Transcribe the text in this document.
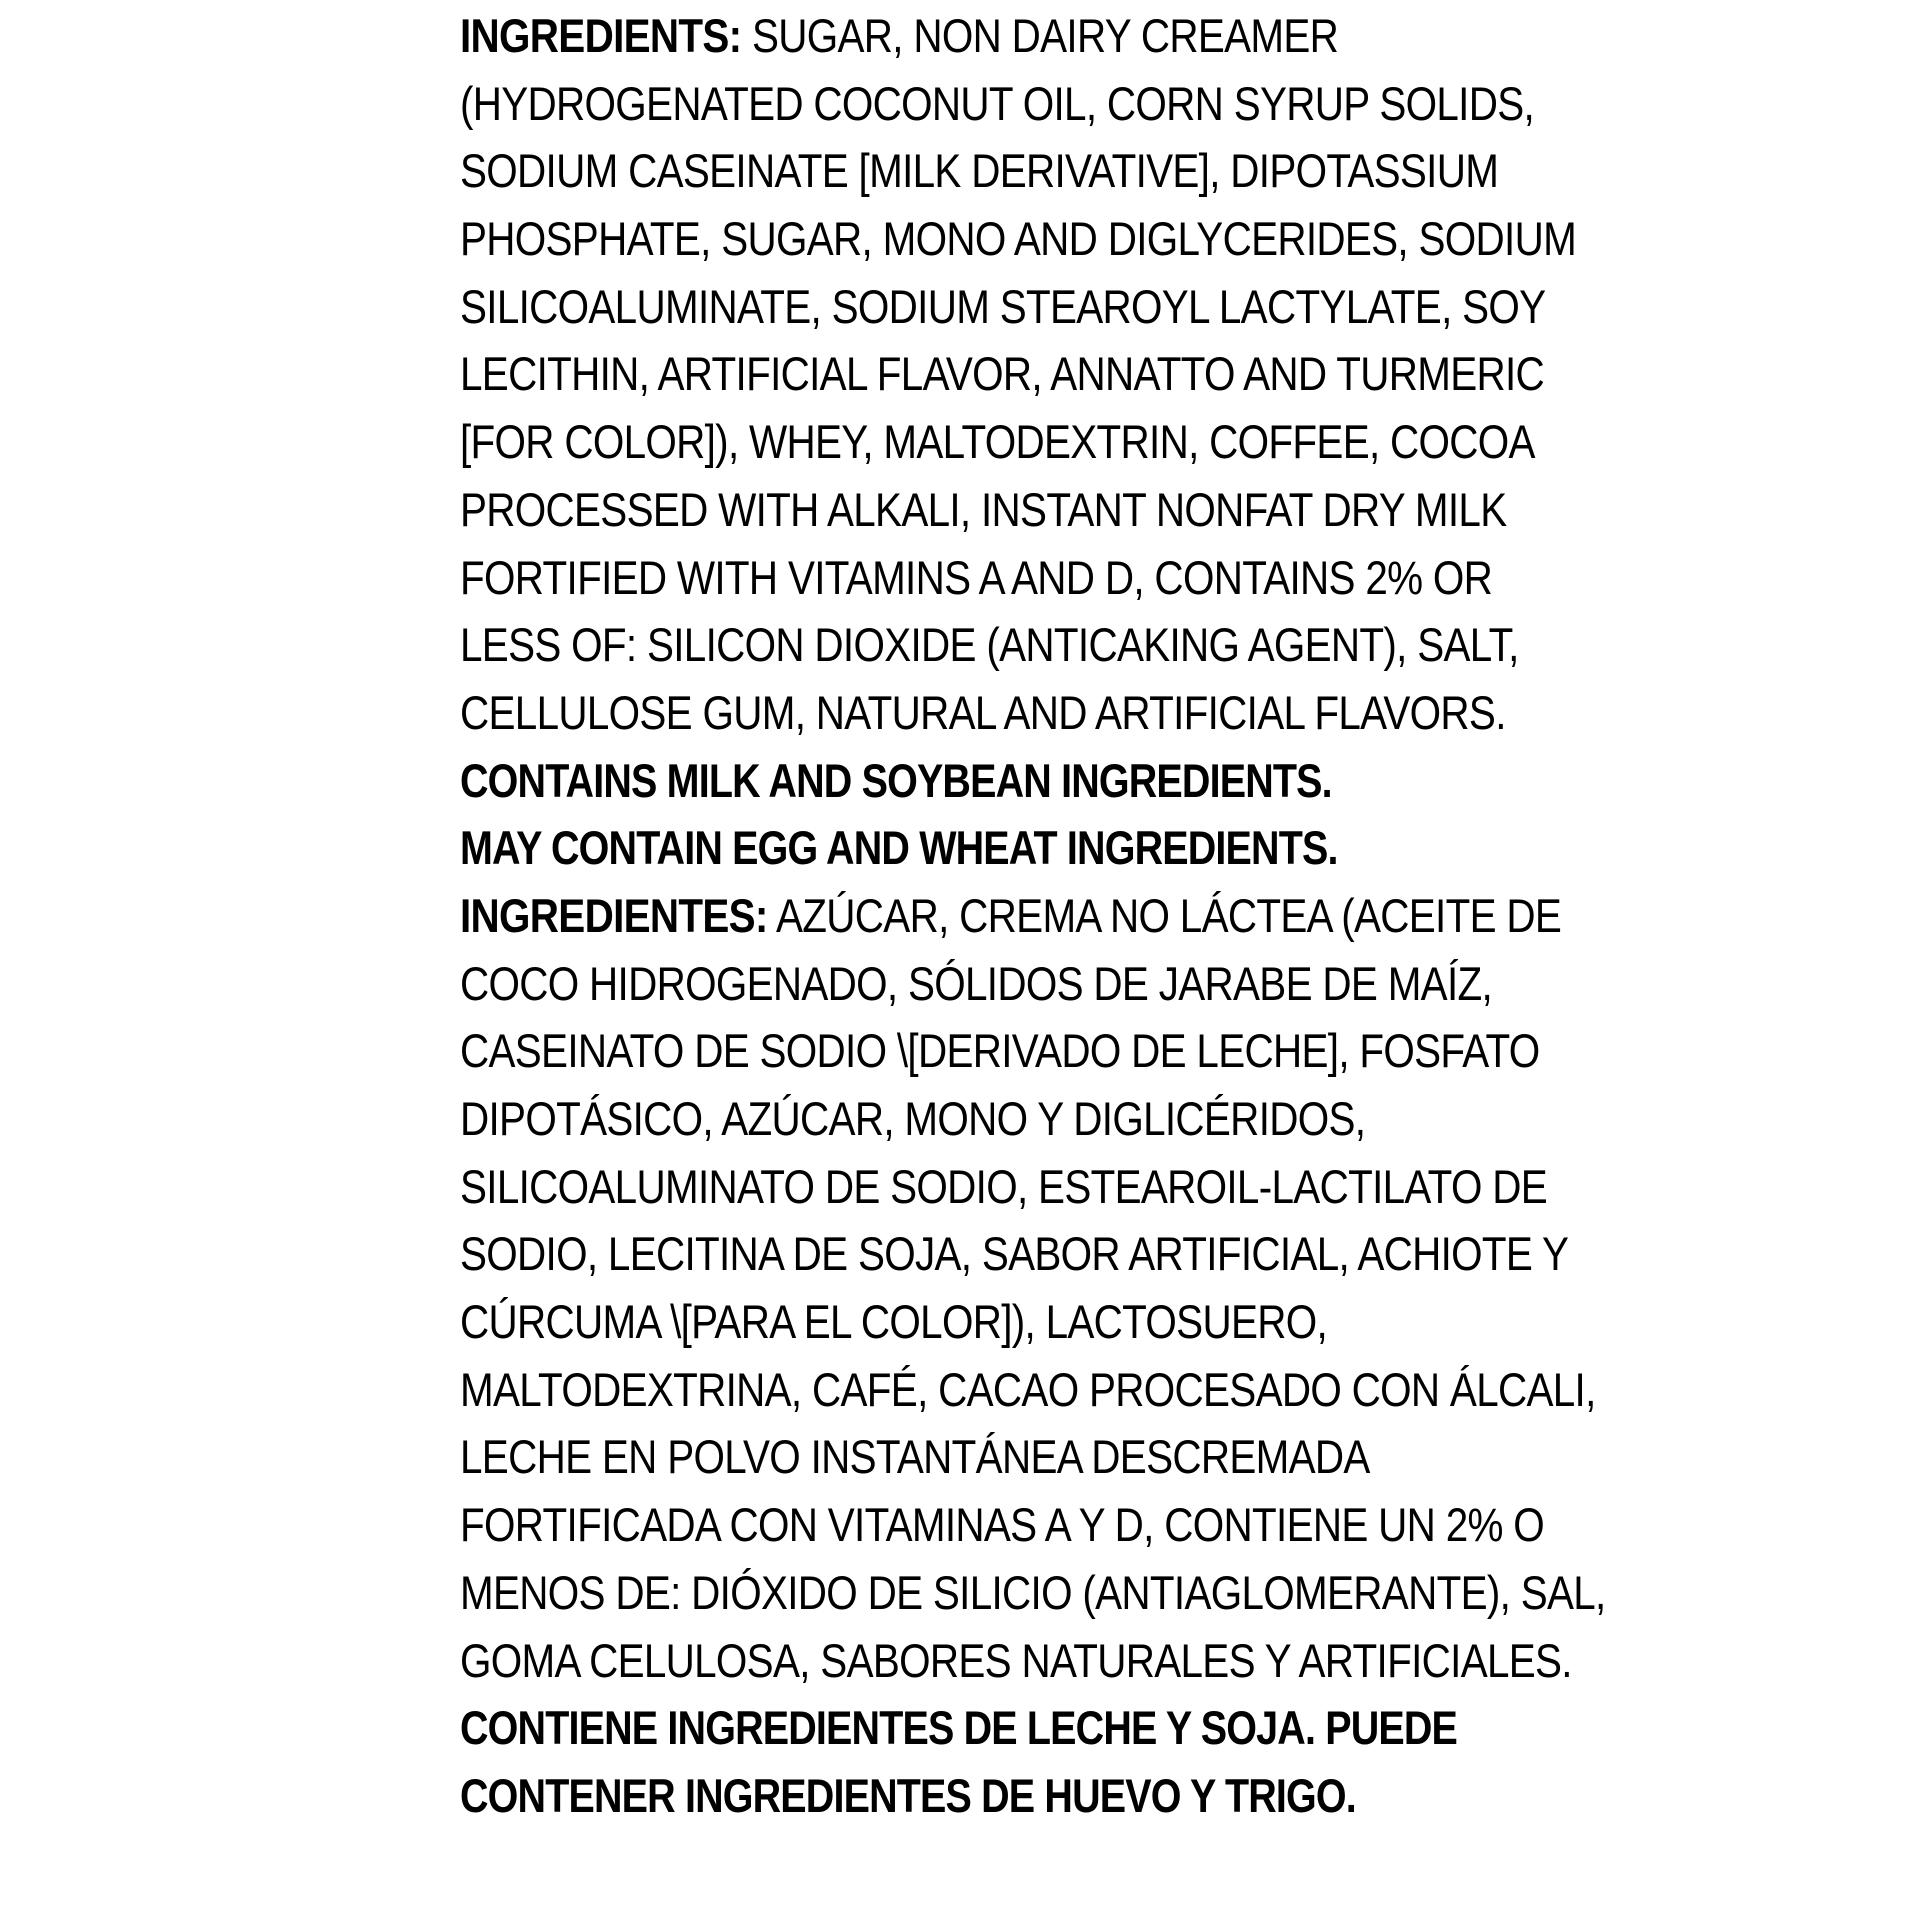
INGREDIENTS: SUGAR, NON DAIRY CREAMER
(HYDROGENATED COCONUT OIL, CORN SYRUP SOLIDS,
SODIUM CASEINATE [MILK DERIVATIVE], DIPOTASSIUM
PHOSPHATE, SUGAR, MONO AND DIGLYCERIDES, SODIUM
SILICOALUMINATE, SODIUM STEAROYL LACTYLATE, SOY
LECITHIN, ARTIFICIAL FLAVOR, ANNATTO AND TURMERIC
[FOR COLOR]), WHEY, MALTODEXTRIN, COFFEE, COCOA
PROCESSED WITH ALKALI, INSTANT NONFAT DRY MILK
FORTIFIED WITH VITAMINS A AND D, CONTAINS 2% OR
LESS OF: SILICON DIOXIDE (ANTICAKING AGENT), SALT,
CELLULOSE GUM, NATURAL AND ARTIFICIAL FLAVORS.
CONTAINS MILK AND SOYBEAN INGREDIENTS.
MAY CONTAIN EGG AND WHEAT INGREDIENTS.
INGREDIENTES: AZÚCAR, CREMA NO LÁCTEA (ACEITE DE
COCO HIDROGENADO, SÓLIDOS DE JARABE DE MAÍZ,
CASEINATO DE SODIO \[DERIVADO DE LECHE], FOSFATO
DIPOTÁSICO, AZÚCAR, MONO Y DIGLICÉRIDOS,
SILICOALUMINATO DE SODIO, ESTEAROIL-LACTILATO DE
SODIO, LECITINA DE SOJA, SABOR ARTIFICIAL, ACHIOTE Y
CÚRCUMA \[PARA EL COLOR]), LACTOSUERO,
MALTODEXTRINA, CAFÉ, CACAO PROCESADO CON ÁLCALI,
LECHE EN POLVO INSTANTÁNEA DESCREMADA
FORTIFICADA CON VITAMINAS A Y D, CONTIENE UN 2% O
MENOS DE: DIÓXIDO DE SILICIO (ANTIAGLOMERANTE), SAL,
GOMA CELULOSA, SABORES NATURALES Y ARTIFICIALES.
CONTIENE INGREDIENTES DE LECHE Y SOJA. PUEDE
CONTENER INGREDIENTES DE HUEVO Y TRIGO.
